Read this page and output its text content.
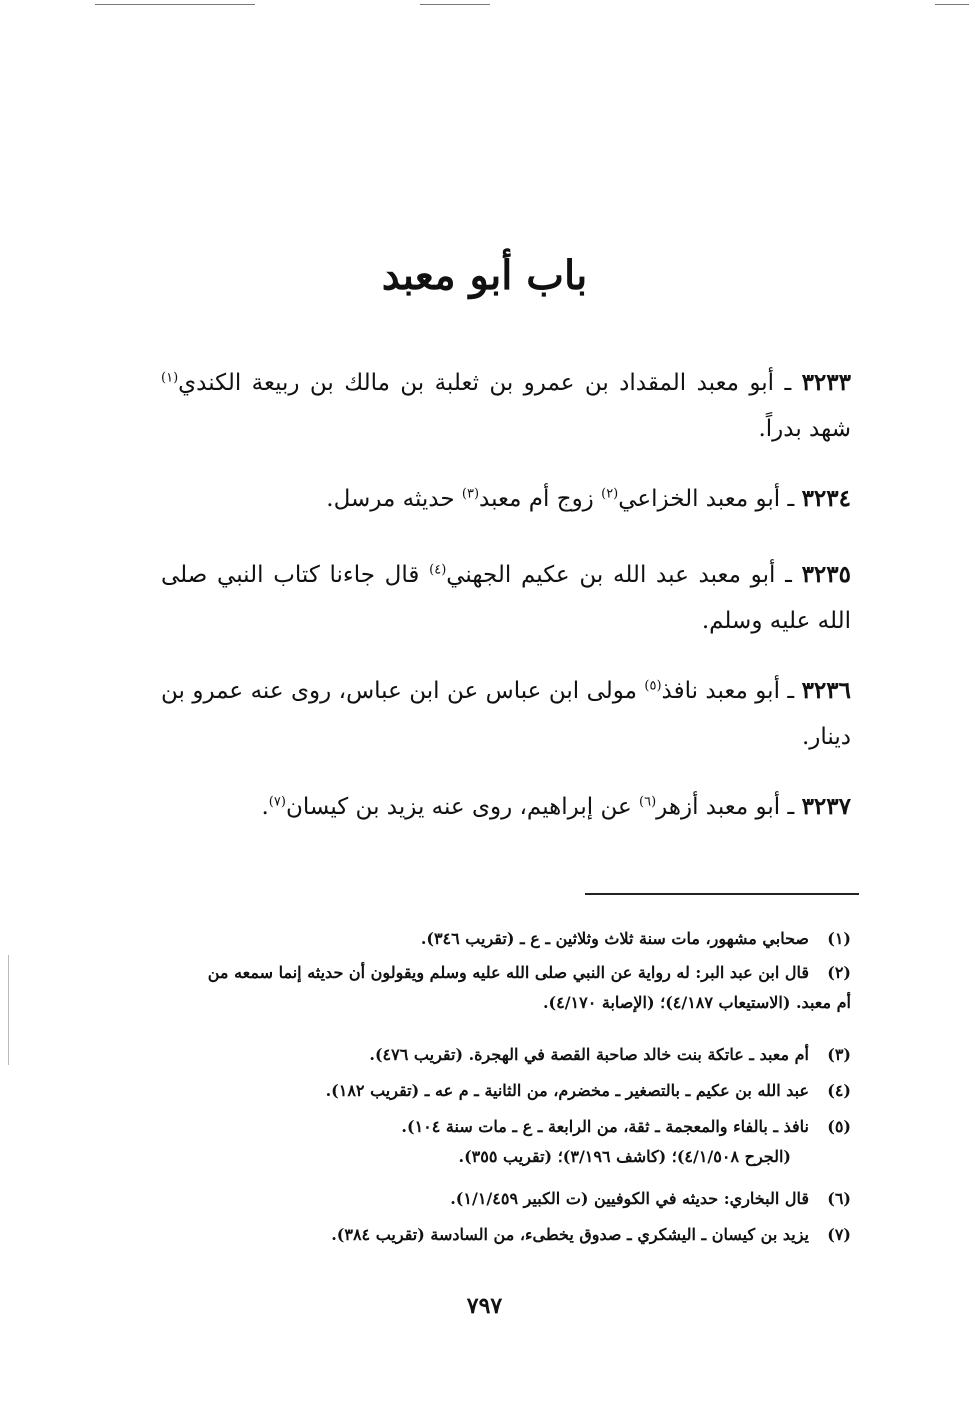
باب أبو معبد
٣٢٣٣ ـ أبو معبد المقداد بن عمرو بن ثعلبة بن مالك بن ربيعة الكندي$^{(١)}$ شهد بدراً.
٣٢٣٤ ـ أبو معبد الخزاعي$^{(٢)}$ زوج أم معبد$^{(٣)}$ حديثه مرسل.
٣٢٣٥ ـ أبو معبد عبد الله بن عكيم الجهني$^{(٤)}$ قال جاءنا كتاب النبي صلى الله عليه وسلم.
٣٢٣٦ ـ أبو معبد نافذ$^{(٥)}$ مولى ابن عباس عن ابن عباس، روى عنه عمرو بن دينار.
٣٢٣٧ ـ أبو معبد أزهر$^{(٦)}$ عن إبراهيم، روى عنه يزيد بن كيسان$^{(٧)}$.
(١)صحابي مشهور، مات سنة ثلاث وثلاثين ـ ع ـ (تقريب ٣٤٦).
(٢)قال ابن عبد البر: له رواية عن النبي صلى الله عليه وسلم ويقولون أن حديثه إنما سمعه من
أم معبد. (الاستيعاب ٤/١٨٧)؛ (الإصابة ٤/١٧٠).
(٣)أم معبد ـ عاتكة بنت خالد صاحبة القصة في الهجرة. (تقريب ٤٧٦).
(٤)عبد الله بن عكيم ـ بالتصغير ـ مخضرم، من الثانية ـ م عه ـ (تقريب ١٨٢).
(٥)نافذ ـ بالفاء والمعجمة ـ ثقة، من الرابعة ـ ع ـ مات سنة ١٠٤).
(الجرح ٤/١/٥٠٨)؛ (كاشف ٣/١٩٦)؛ (تقريب ٣٥٥).
(٦)قال البخاري: حديثه في الكوفيين (ت الكبير ١/١/٤٥٩).
(٧)يزيد بن كيسان ـ اليشكري ـ صدوق يخطىء، من السادسة (تقريب ٣٨٤).
٧٩٧
